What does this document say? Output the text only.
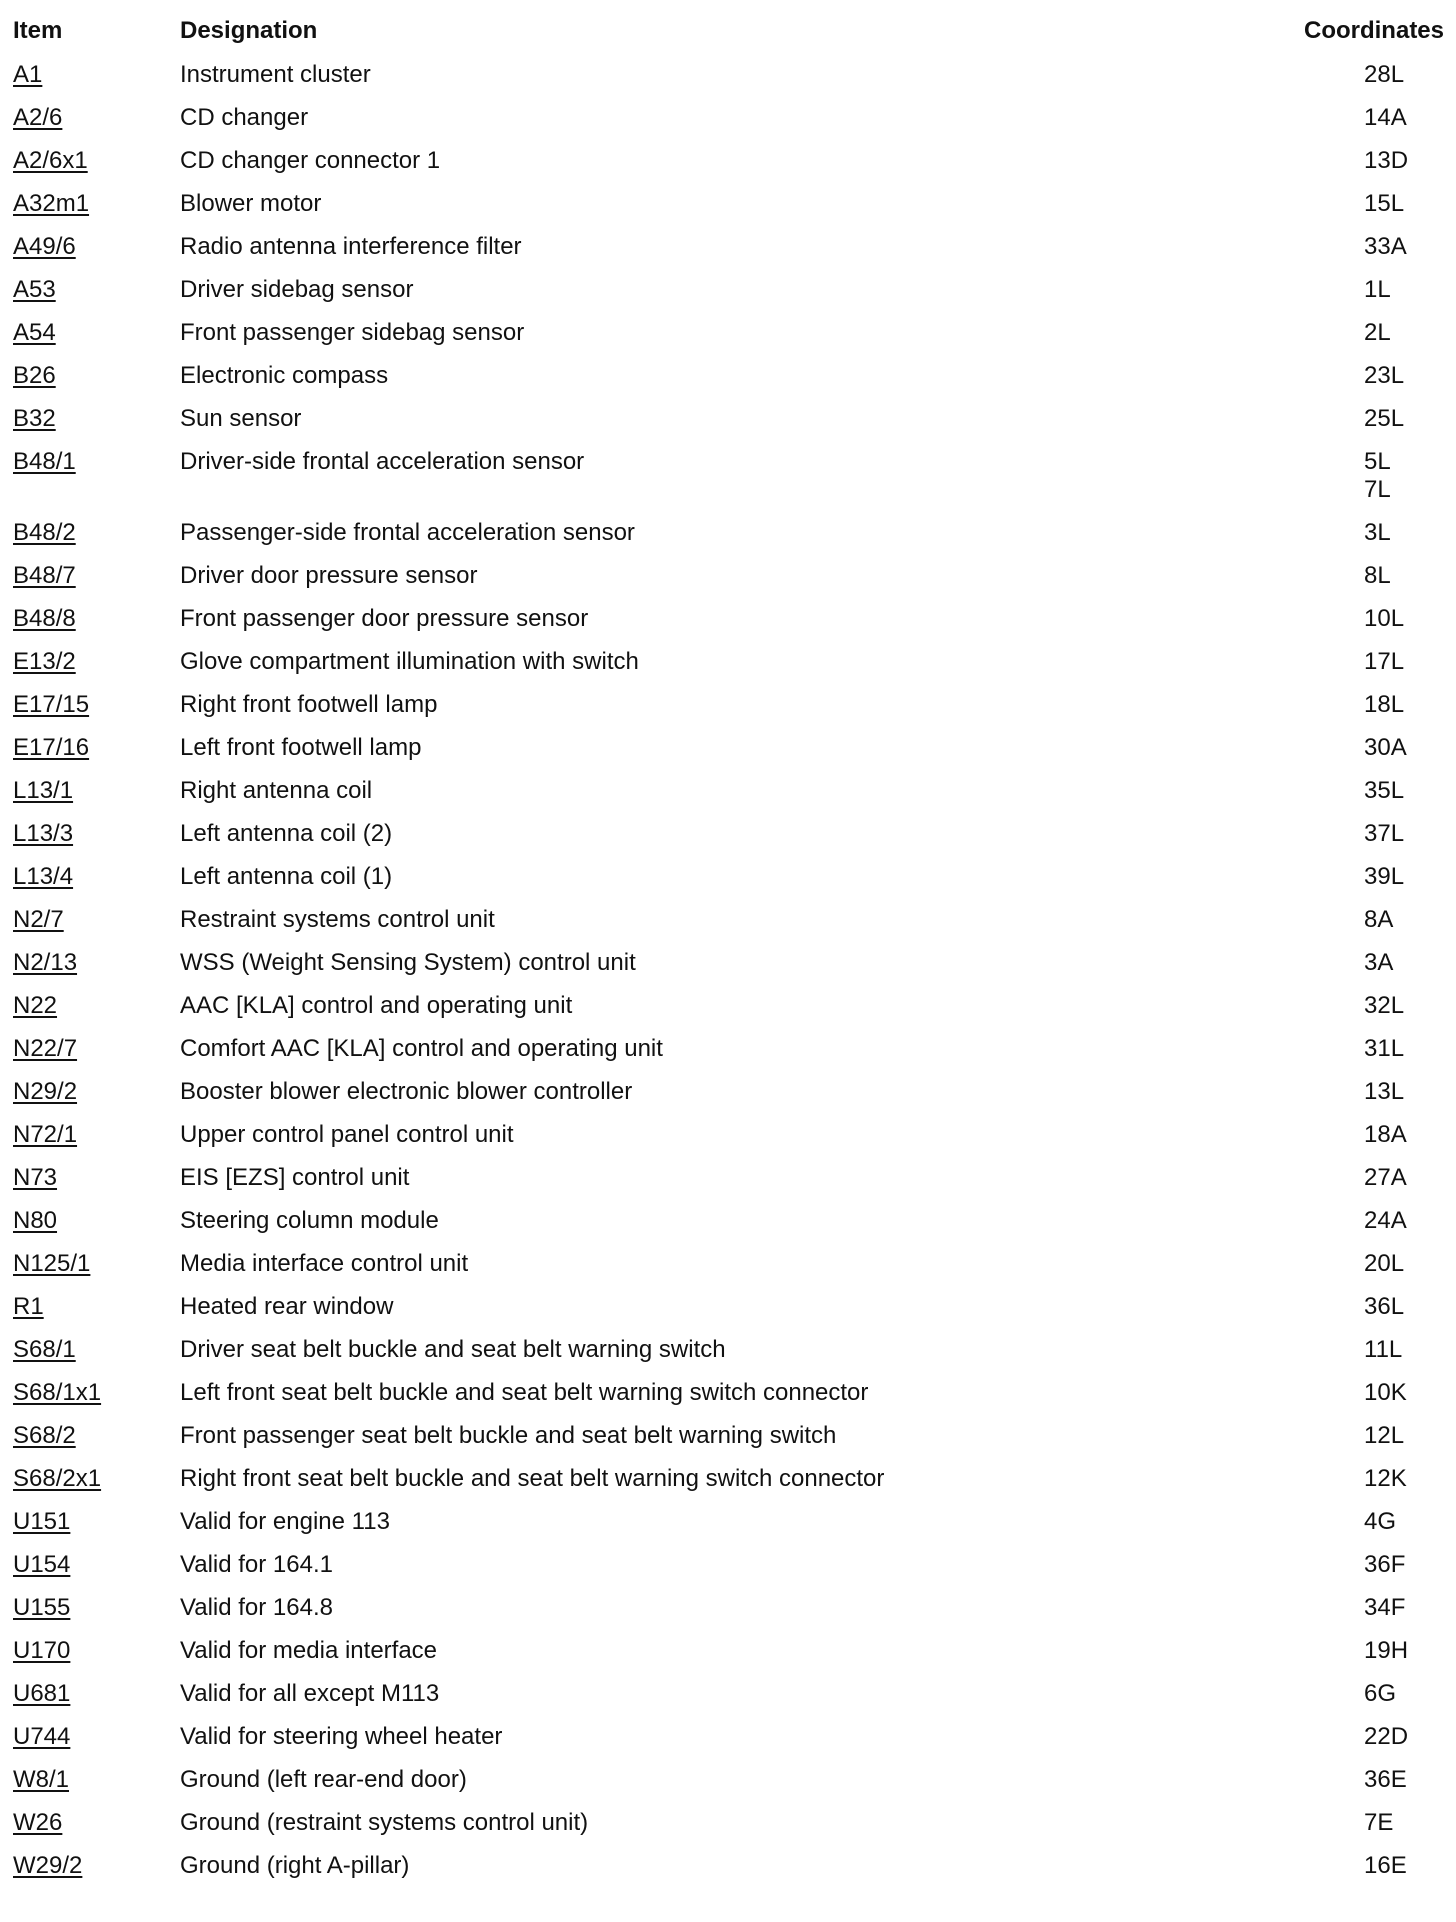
Item	Designation	Coordinates
A1	Instrument cluster	28L
A2/6	CD changer	14A
A2/6x1	CD changer connector 1	13D
A32m1	Blower motor	15L
A49/6	Radio antenna interference filter	33A
A53	Driver sidebag sensor	1L
A54	Front passenger sidebag sensor	2L
B26	Electronic compass	23L
B32	Sun sensor	25L
B48/1	Driver-side frontal acceleration sensor	5L
7L
B48/2	Passenger-side frontal acceleration sensor	3L
B48/7	Driver door pressure sensor	8L
B48/8	Front passenger door pressure sensor	10L
E13/2	Glove compartment illumination with switch	17L
E17/15	Right front footwell lamp	18L
E17/16	Left front footwell lamp	30A
L13/1	Right antenna coil	35L
L13/3	Left antenna coil (2)	37L
L13/4	Left antenna coil (1)	39L
N2/7	Restraint systems control unit	8A
N2/13	WSS (Weight Sensing System) control unit	3A
N22	AAC [KLA] control and operating unit	32L
N22/7	Comfort AAC [KLA] control and operating unit	31L
N29/2	Booster blower electronic blower controller	13L
N72/1	Upper control panel control unit	18A
N73	EIS [EZS] control unit	27A
N80	Steering column module	24A
N125/1	Media interface control unit	20L
R1	Heated rear window	36L
S68/1	Driver seat belt buckle and seat belt warning switch	11L
S68/1x1	Left front seat belt buckle and seat belt warning switch connector	10K
S68/2	Front passenger seat belt buckle and seat belt warning switch	12L
S68/2x1	Right front seat belt buckle and seat belt warning switch connector	12K
U151	Valid for engine 113	4G
U154	Valid for 164.1	36F
U155	Valid for 164.8	34F
U170	Valid for media interface	19H
U681	Valid for all except M113	6G
U744	Valid for steering wheel heater	22D
W8/1	Ground (left rear-end door)	36E
W26	Ground (restraint systems control unit)	7E
W29/2	Ground (right A-pillar)	16E
